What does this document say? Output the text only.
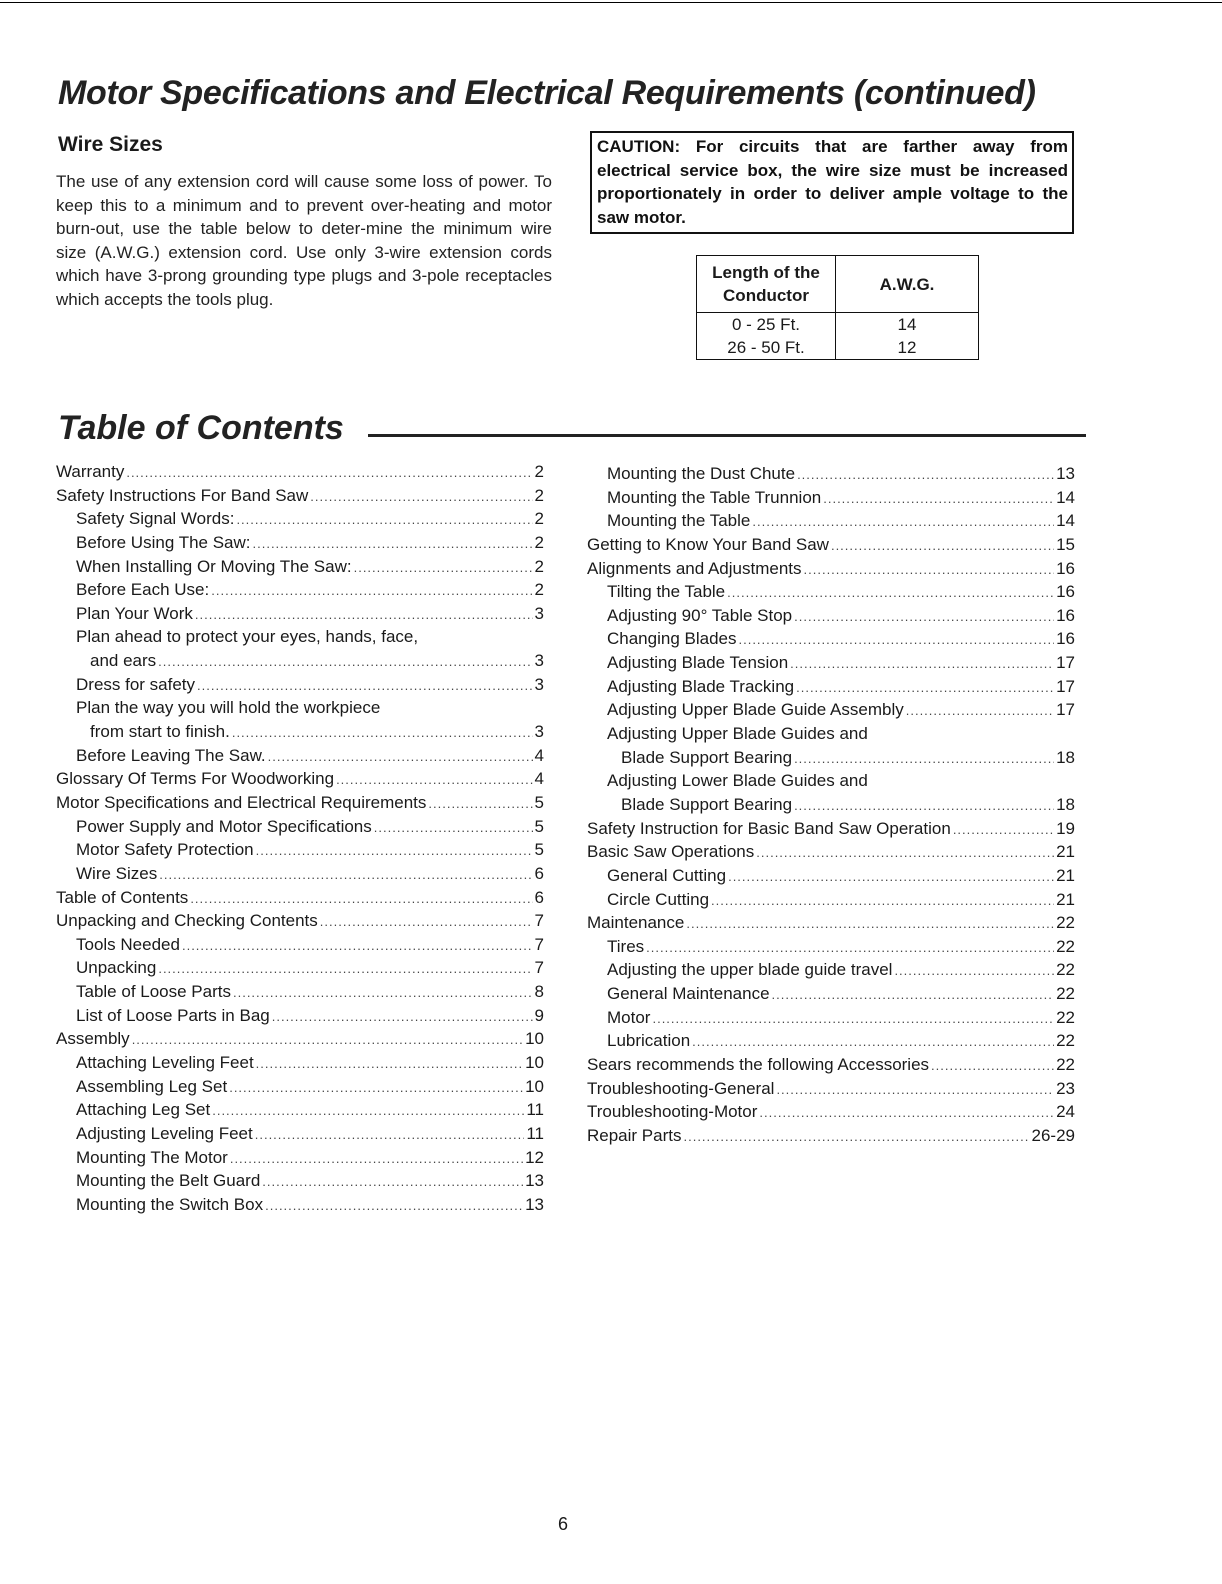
Motor Specifications and Electrical Requirements (continued)
Wire Sizes

The use of any extension cord will cause some loss of power. To keep this to a minimum and to prevent over-heating and motor burn-out, use the table below to deter-mine the minimum wire size (A.W.G.) extension cord. Use only 3-wire extension cords which have 3-prong grounding type plugs and 3-pole receptacles which accepts the tools plug.

CAUTION: For circuits that are farther away from electrical service box, the wire size must be increased proportionately in order to deliver ample voltage to the saw motor.
Length of the Conductor	A.W.G.
0 - 25 Ft.	14
26 - 50 Ft.	12
Table of Contents
Warranty .....	2
Safety Instructions For Band Saw .....	2
Safety Signal Words: .....	2
Before Using The Saw: .....	2
When Installing Or Moving The Saw: .....	2
Before Each Use: .....	2
Plan Your Work .....	3
Plan ahead to protect your eyes, hands, face,
and ears .....	3
Dress for safety .....	3
Plan the way you will hold the workpiece
from start to finish. .....	3
Before Leaving The Saw. .....	4
Glossary Of Terms For Woodworking .....	4
Motor Specifications and Electrical Requirements .....	5
Power Supply and Motor Specifications .....	5
Motor Safety Protection .....	5
Wire Sizes .....	6
Table of Contents .....	6
Unpacking and Checking Contents .....	7
Tools Needed .....	7
Unpacking .....	7
Table of Loose Parts .....	8
List of Loose Parts in Bag .....	9
Assembly .....	10
Attaching Leveling Feet .....	10
Assembling Leg Set .....	10
Attaching Leg Set .....	11
Adjusting Leveling Feet .....	11
Mounting The Motor .....	12
Mounting the Belt Guard .....	13
Mounting the Switch Box .....	13
Mounting the Dust Chute .....	13
Mounting the Table Trunnion .....	14
Mounting the Table .....	14
Getting to Know Your Band Saw .....	15
Alignments and Adjustments .....	16
Tilting the Table .....	16
Adjusting 90° Table Stop .....	16
Changing Blades .....	16
Adjusting Blade Tension .....	17
Adjusting Blade Tracking .....	17
Adjusting Upper Blade Guide Assembly .....	17
Adjusting Upper Blade Guides and
Blade Support Bearing .....	18
Adjusting Lower Blade Guides and
Blade Support Bearing .....	18
Safety Instruction for Basic Band Saw Operation .....	19
Basic Saw Operations .....	21
General Cutting .....	21
Circle Cutting .....	21
Maintenance .....	22
Tires .....	22
Adjusting the upper blade guide travel .....	22
General Maintenance .....	22
Motor .....	22
Lubrication .....	22
Sears recommends the following Accessories .....	22
Troubleshooting-General .....	23
Troubleshooting-Motor .....	24
Repair Parts .....	26-29
6
